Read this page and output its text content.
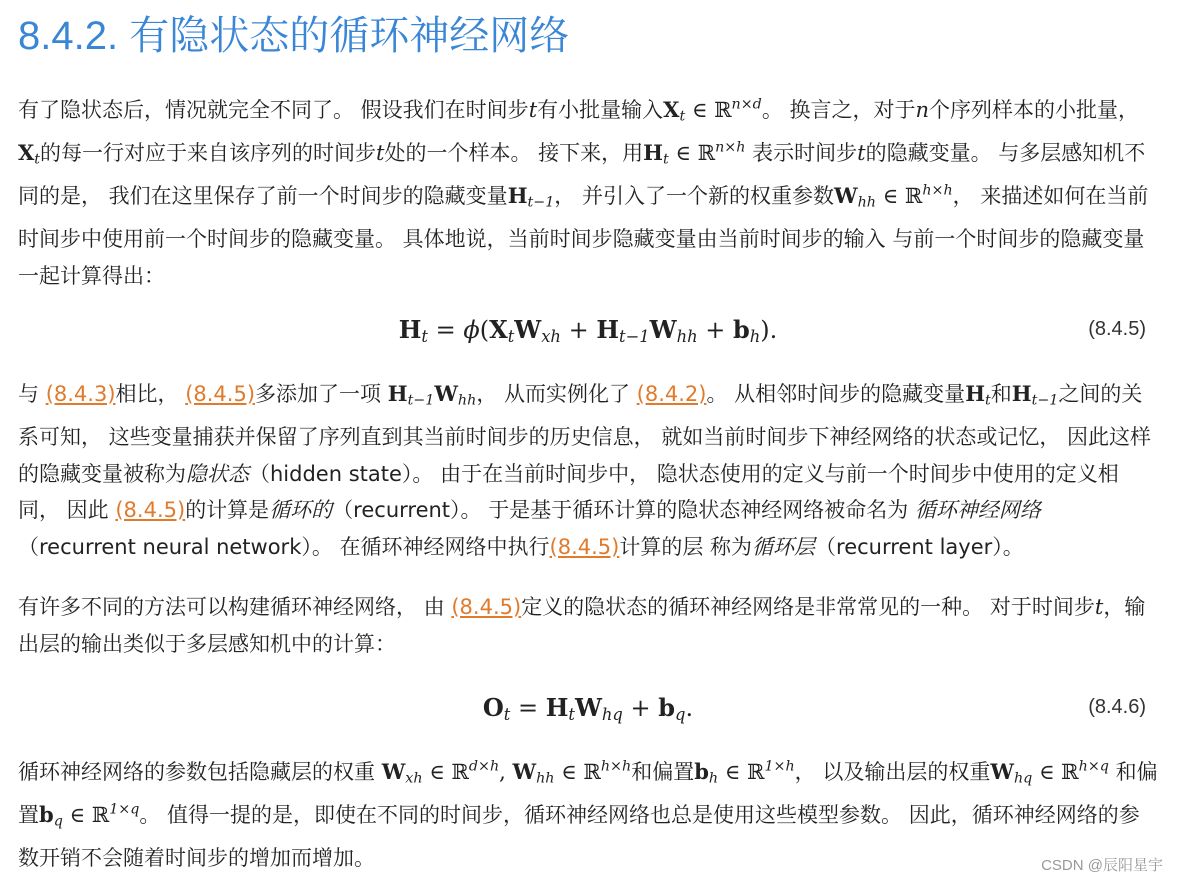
8.4.2. 有隐状态的循环神经网络

有了隐状态后，情况就完全不同了。 假设我们在时间步t有小批量输入$X_t$ ∈ ℝ$^{n\times d}$。 换言之，对于n个序列样本的小批量，$X_t$的每一行对应于来自该序列的时间步t处的一个样本。 接下来，用$H_t$ ∈ ℝ$^{n\times h}$ 表示时间步t的隐藏变量。 与多层感知机不同的是， 我们在这里保存了前一个时间步的隐藏变量$H_{t-1}$， 并引入了一个新的权重参数$W_{hh}$ ∈ ℝ$^{h\times h}$， 来描述如何在当前时间步中使用前一个时间步的隐藏变量。 具体地说，当前时间步隐藏变量由当前时间步的输入 与前一个时间步的隐藏变量一起计算得出：

$H_t = \phi(X_tW_{xh} + H_{t-1}W_{hh} + b_h)$.	(8.4.5)

与 (8.4.3)相比， (8.4.5)多添加了一项 $H_{t-1}W_{hh}$， 从而实例化了 (8.4.2)。 从相邻时间步的隐藏变量$H_t$和$H_{t-1}$之间的关系可知， 这些变量捕获并保留了序列直到其当前时间步的历史信息， 就如当前时间步下神经网络的状态或记忆， 因此这样的隐藏变量被称为隐状态（hidden state）。 由于在当前时间步中， 隐状态使用的定义与前一个时间步中使用的定义相同， 因此 (8.4.5)的计算是循环的（recurrent）。 于是基于循环计算的隐状态神经网络被命名为 循环神经网络（recurrent neural network）。 在循环神经网络中执行(8.4.5)计算的层 称为循环层（recurrent layer）。

有许多不同的方法可以构建循环神经网络， 由 (8.4.5)定义的隐状态的循环神经网络是非常常见的一种。 对于时间步t，输出层的输出类似于多层感知机中的计算：

$O_t = H_tW_{hq} + b_q$.	(8.4.6)

循环神经网络的参数包括隐藏层的权重 $W_{xh}$ ∈ ℝ$^{d\times h}$, $W_{hh}$ ∈ ℝ$^{h\times h}$和偏置$b_h$ ∈ ℝ$^{1\times h}$， 以及输出层的权重$W_{hq}$ ∈ ℝ$^{h\times q}$ 和偏置$b_q$ ∈ ℝ$^{1\times q}$。 值得一提的是，即使在不同的时间步，循环神经网络也总是使用这些模型参数。 因此，循环神经网络的参数开销不会随着时间步的增加而增加。	CSDN @辰阳星宇
